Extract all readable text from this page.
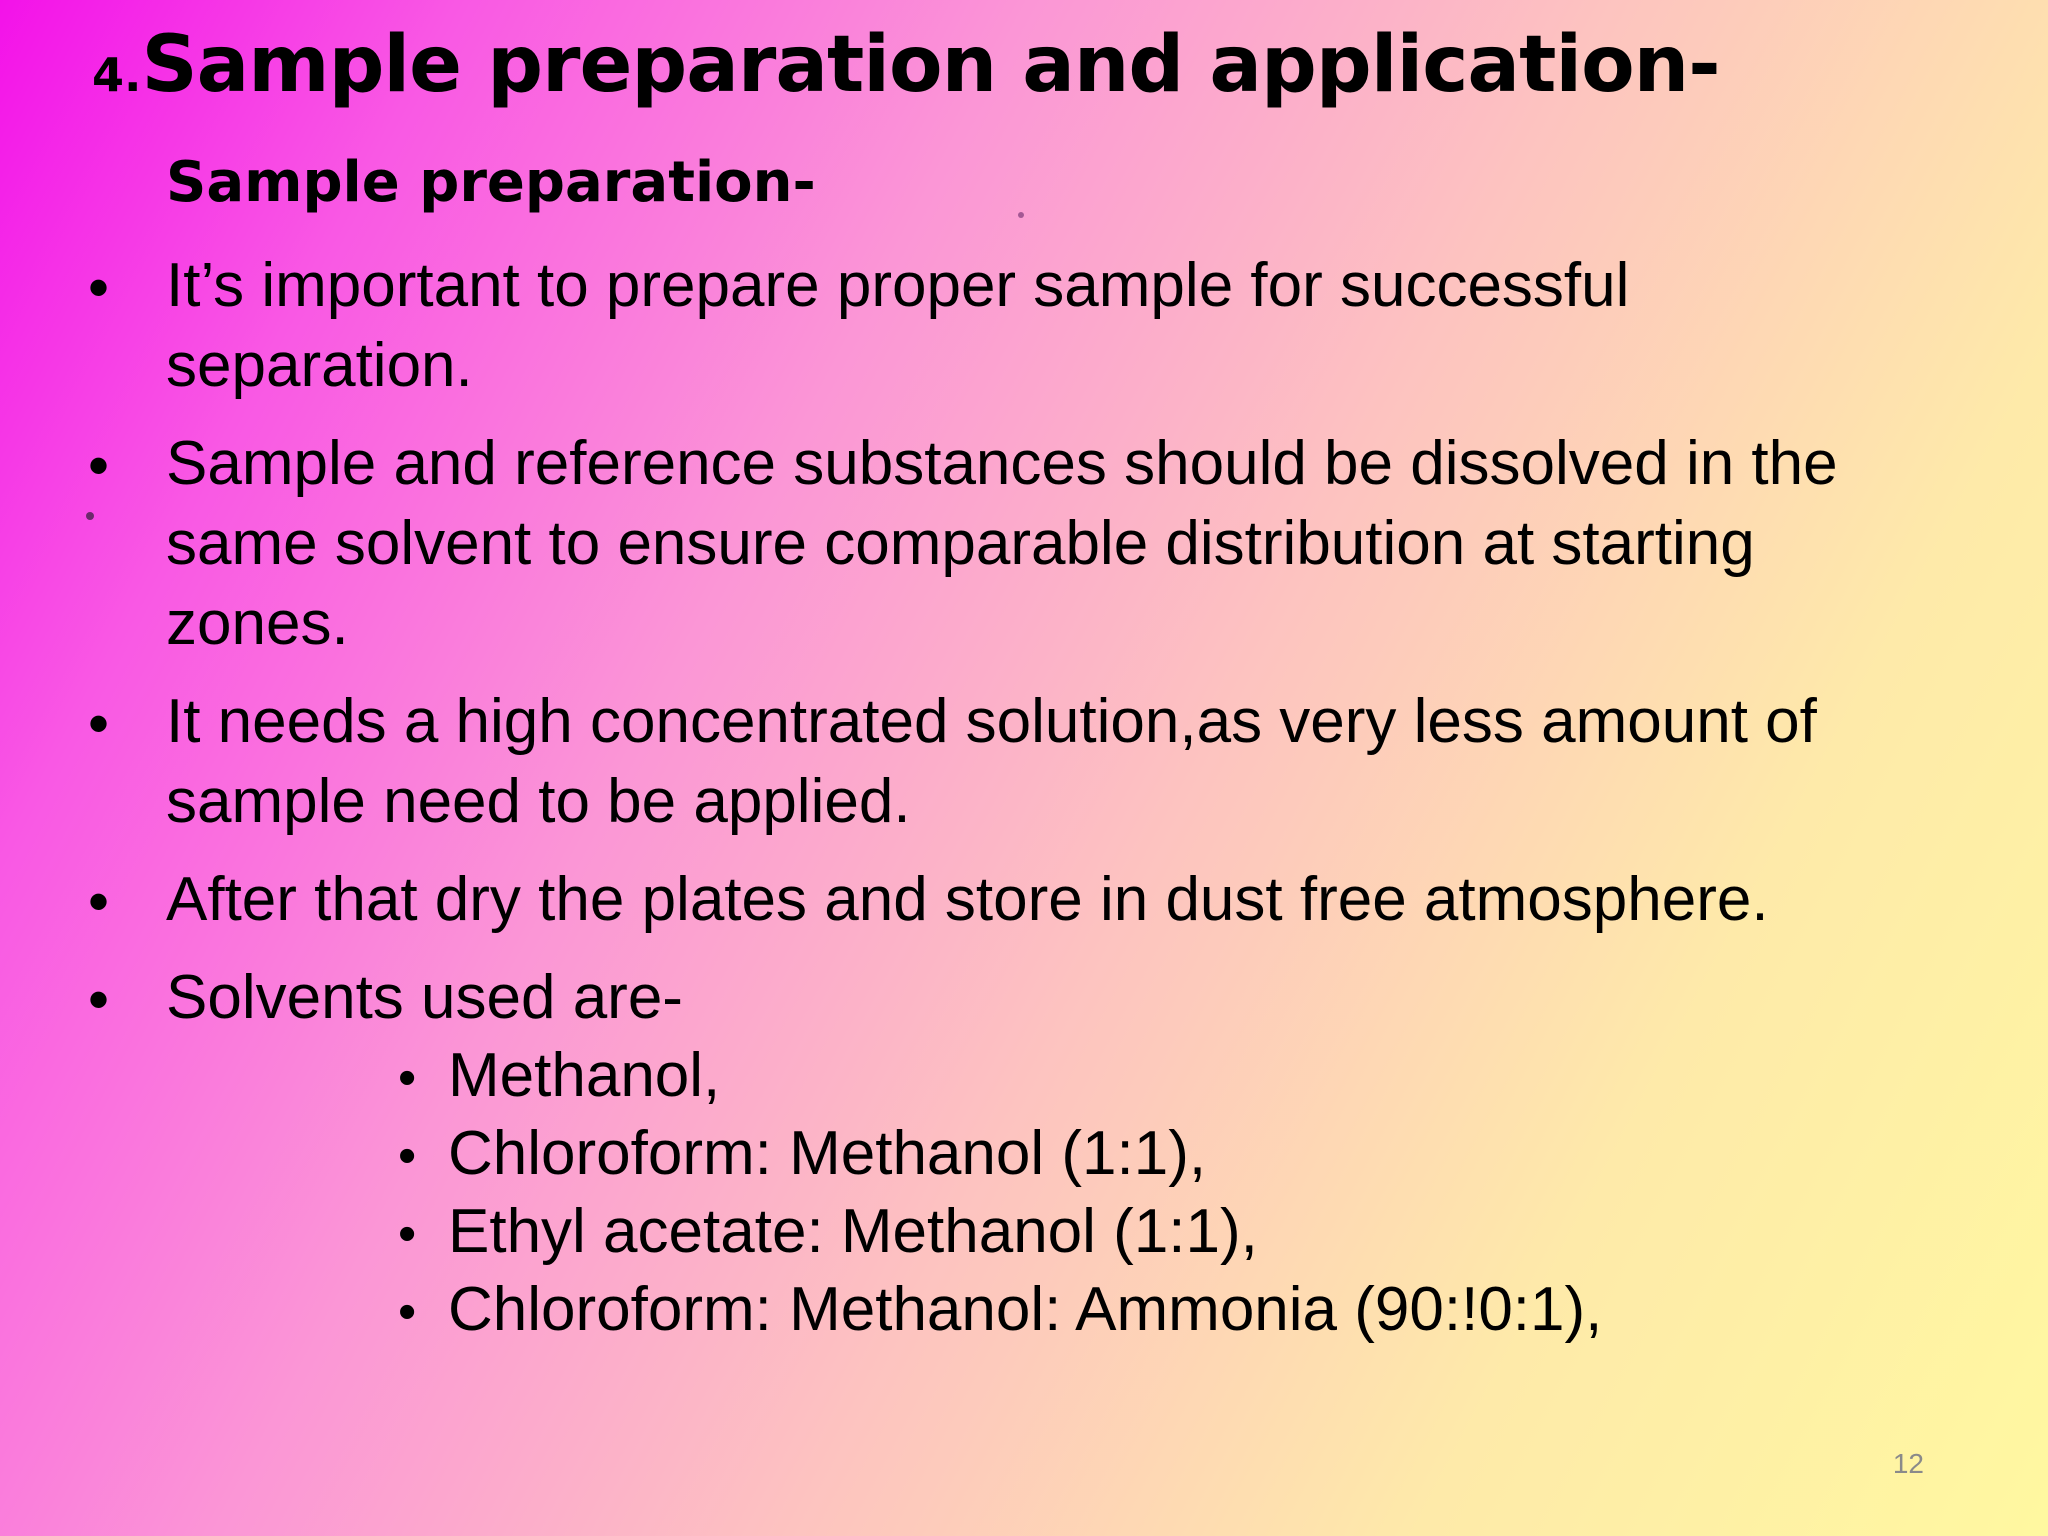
4.Sample preparation and application-
Sample preparation-
• It’s important to prepare proper sample for successful
separation.
• Sample and reference substances should be dissolved in the
same solvent to ensure comparable distribution at starting
zones.
• It needs a high concentrated solution,as very less amount of
sample need to be applied.
• After that dry the plates and store in dust free atmosphere.
• Solvents used are-
• Methanol,
• Chloroform: Methanol (1:1),
• Ethyl acetate: Methanol (1:1),
• Chloroform: Methanol: Ammonia (90:!0:1),
12
